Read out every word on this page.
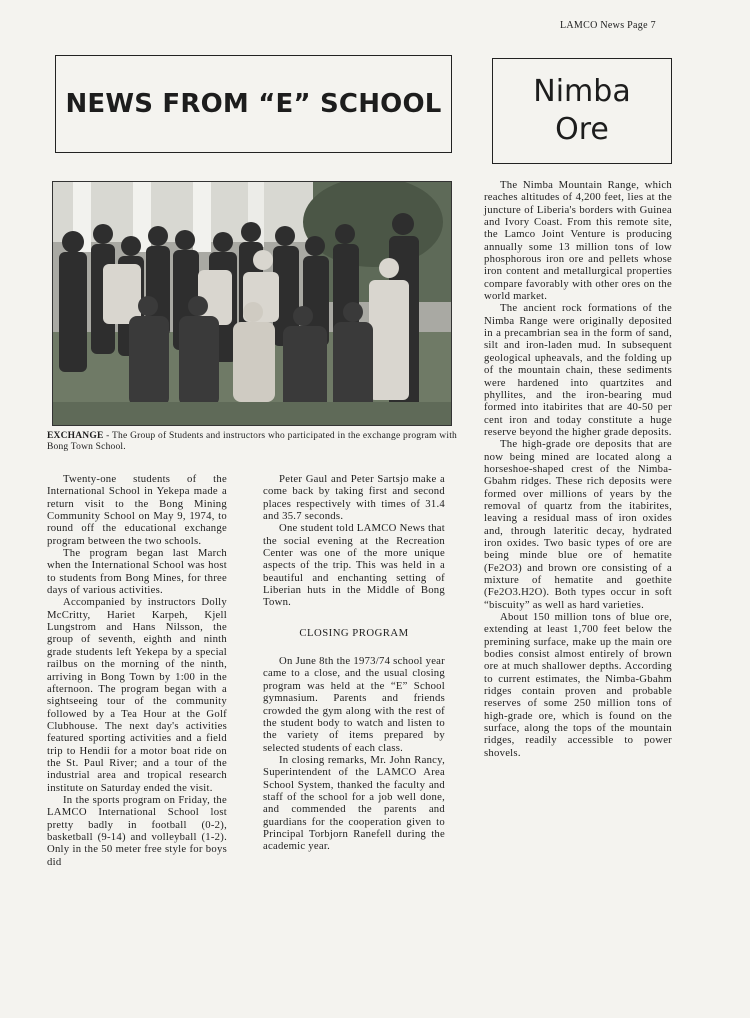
LAMCO News Page 7
NEWS FROM “E” SCHOOL	Nimba
Ore
EXCHANGE - The Group of Students and instructors who participated in the exchange program with Bong Town School.

Twenty-one students of the International School in Yekepa made a return visit to the Bong Mining Community School on May 9, 1974, to round off the educational exchange program between the two schools.

The program began last March when the International School was host to students from Bong Mines, for three days of various activities.

Accompanied by instructors Dolly McCritty, Hariet Karpeh, Kjell Lungstrom and Hans Nilsson, the group of seventh, eighth and ninth grade students left Yekepa by a special railbus on the morning of the ninth, arriving in Bong Town by 1:00 in the afternoon. The program began with a sightseeing tour of the community followed by a Tea Hour at the Golf Clubhouse. The next day's activities featured sporting activities and a field trip to Hendii for a motor boat ride on the St. Paul River; and a tour of the industrial area and tropical research institute on Saturday ended the visit.

In the sports program on Friday, the LAMCO International School lost pretty badly in football (0-2), basketball (9-14) and volleyball (1-2). Only in the 50 meter free style for boys did

Peter Gaul and Peter Sartsjo make a come back by taking first and second places respectively with times of 31.4 and 35.7 seconds.

One student told LAMCO News that the social evening at the Recreation Center was one of the more unique aspects of the trip. This was held in a beautiful and enchanting setting of Liberian huts in the Middle of Bong Town.

CLOSING PROGRAM

On June 8th the 1973/74 school year came to a close, and the usual closing program was held at the “E” School gymnasium. Parents and friends crowded the gym along with the rest of the student body to watch and listen to the variety of items prepared by selected students of each class.

In closing remarks, Mr. John Rancy, Superintendent of the LAMCO Area School System, thanked the faculty and staff of the school for a job well done, and commended the parents and guardians for the cooperation given to Principal Torbjorn Ranefell during the academic year.

The Nimba Mountain Range, which reaches altitudes of 4,200 feet, lies at the juncture of Liberia's borders with Guinea and Ivory Coast. From this remote site, the Lamco Joint Venture is producing annually some 13 million tons of low phosphorous iron ore and pellets whose iron content and metallurgical properties compare favorably with other ores on the world market.

The ancient rock formations of the Nimba Range were originally deposited in a precambrian sea in the form of sand, silt and iron-laden mud. In subsequent geological upheavals, and the folding up of the mountain chain, these sediments were hardened into quartzites and phyllites, and the iron-bearing mud formed into itabirites that are 40-50 per cent iron and today constitute a huge reserve beyond the higher grade deposits.

The high-grade ore deposits that are now being mined are located along a horseshoe-shaped crest of the Nimba-Gbahm ridges. These rich deposits were formed over millions of years by the removal of quartz from the itabirites, leaving a residual mass of iron oxides and, through lateritic decay, hydrated iron oxides. Two basic types of ore are being minde blue ore of hematite (Fe2O3) and brown ore consisting of a mixture of hematite and goethite (Fe2O3.H2O). Both types occur in soft “biscuity” as well as hard varieties.

About 150 million tons of blue ore, extending at least 1,700 feet below the premining surface, make up the main ore bodies consist almost entirely of brown ore at much shallower depths. According to current estimates, the Nimba-Gbahm ridges contain proven and probable reserves of some 250 million tons of high-grade ore, which is found on the surface, along the tops of the mountain ridges, readily accessible to power shovels.
